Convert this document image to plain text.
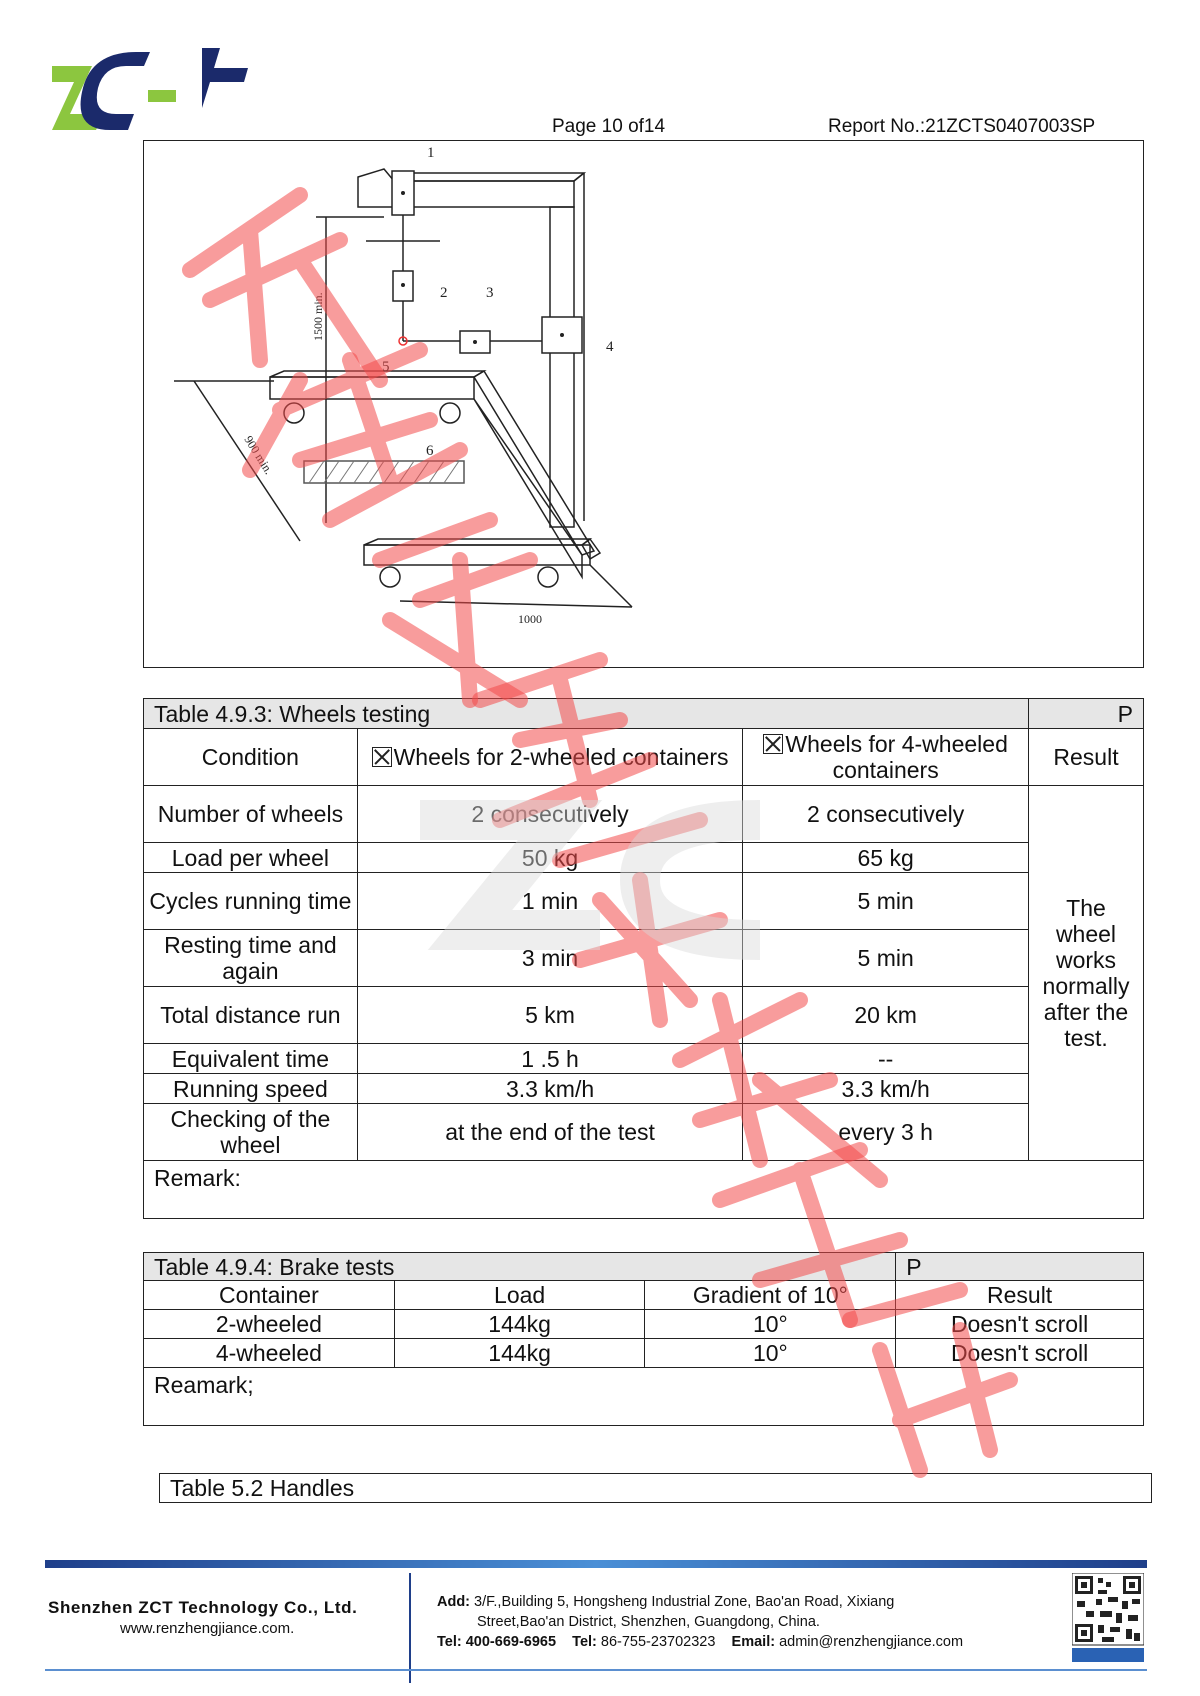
ZC-t
Page 10 of14	Report No.:21ZCTS0407003SP
1
2	3
4
5
6
1500 min.
900 min.
1000
Table 4.9.3: Wheels testing			P
Condition	Wheels for 2-wheeled containers	Wheels for 4-wheeled containers	Result
Number of wheels	2 consecutively	2 consecutively	The wheel works normally after the test.
Load per wheel	50 kg	65 kg	
Cycles running time	1 min	5 min	
Resting time and again	3 min	5 min	
Total distance run	5 km	20 km	
Equivalent time	1 .5 h	--	
Running speed	3.3 km/h	3.3 km/h	
Checking of the wheel	at the end of the test	every 3 h	
Remark:			
Table 4.9.4: Brake tests			P
Container	Load	Gradient of 10°	Result
2-wheeled	144kg	10°	Doesn't scroll
4-wheeled	144kg	10°	Doesn't scroll
Reamark;			
Table 5.2 Handles
Shenzhen ZCT Technology Co., Ltd.
www.renzhengjiance.com.
Add: 3/F.,Building 5, Hongsheng Industrial Zone, Bao'an Road, Xixiang
Street,Bao'an District, Shenzhen, Guangdong, China.
Tel: 400-669-6965 Tel: 86-755-23702323 Email: admin@renzhengjiance.com
